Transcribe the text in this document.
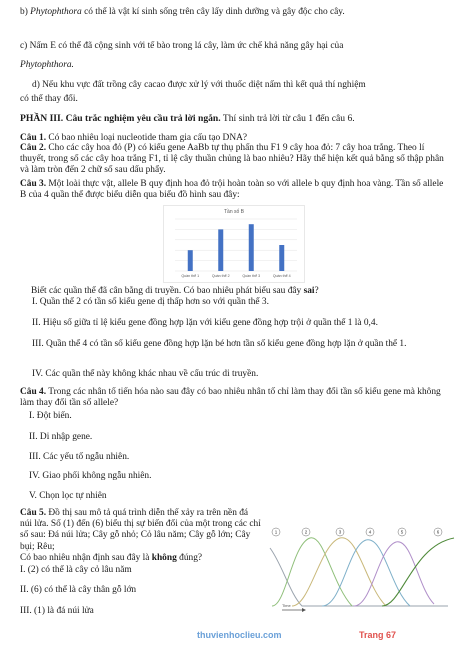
b) Phytophthora có thể là vật kí sinh sống trên cây lấy dinh dưỡng và gây độc cho cây.
c) Nấm E có thể đã cộng sinh với tế bào trong lá cây, làm ức chế khả năng gây hại của
Phytophthora.
d) Nếu khu vực đất trồng cây cacao được xử lý với thuốc diệt nấm thì kết quả thí nghiệm
có thể thay đổi.
PHẦN III. Câu trắc nghiệm yêu cầu trả lời ngắn. Thí sinh trả lời từ câu 1 đến câu 6.
Câu 1. Có bao nhiêu loại nucleotide tham gia cấu tạo DNA?
Câu 2. Cho các cây hoa đỏ (P) có kiểu gene AaBb tự thụ phấn thu F1 9 cây hoa đỏ: 7 cây hoa trắng. Theo lí thuyết, trong số các cây hoa trắng F1, tỉ lệ cây thuần chủng là bao nhiêu? Hãy thể hiện kết quả bằng số thập phân và làm tròn đến 2 chữ số sau dấu phẩy.
Câu 3. Một loài thực vật, allele B quy định hoa đỏ trội hoàn toàn so với allele b quy định hoa vàng. Tần số allele B của 4 quần thể được biểu diễn qua biểu đồ hình sau đây:
Tần số B
Quần thể 1	Quần thể 2	Quần thể 3	Quần thể 4
Biết các quần thể đã cân bằng di truyền. Có bao nhiêu phát biểu sau đây sai?
I. Quần thể 2 có tần số kiểu gene dị thấp hơn so với quần thể 3.
II. Hiệu số giữa tỉ lệ kiểu gene đồng hợp lặn với kiểu gene đồng hợp trội ở quần thể 1 là 0,4.
III. Quần thể 4 có tần số kiểu gene đồng hợp lặn bé hơn tần số kiểu gene đồng hợp lặn ở quần thể 1.
IV. Các quần thể này không khác nhau về cấu trúc di truyền.
Câu 4. Trong các nhân tố tiến hóa nào sau đây có bao nhiêu nhân tố chỉ làm thay đổi tần số kiểu gene mà không làm thay đổi tần số allele?
I. Đột biến.
II. Di nhập gene.
III. Các yếu tố ngẫu nhiên.
IV. Giao phối không ngẫu nhiên.
V. Chọn lọc tự nhiên
Câu 5. Đồ thị sau mô tả quá trình diễn thế xảy ra trên nền đá núi lửa. Số (1) đến (6) biểu thị sự biến đổi của một trong các chỉ số sau: Đá núi lửa; Cây gỗ nhỏ; Cỏ lâu năm; Cây gỗ lớn; Cây bụi; Rêu;
Có bao nhiêu nhận định sau đây là không đúng?
I. (2) có thể là cây cỏ lâu năm
II. (6) có thể là cây thân gỗ lớn
III. (1) là đá núi lửa
1	2	3	4	5	6
Time
thuvienhoclieu.com	Trang 67
